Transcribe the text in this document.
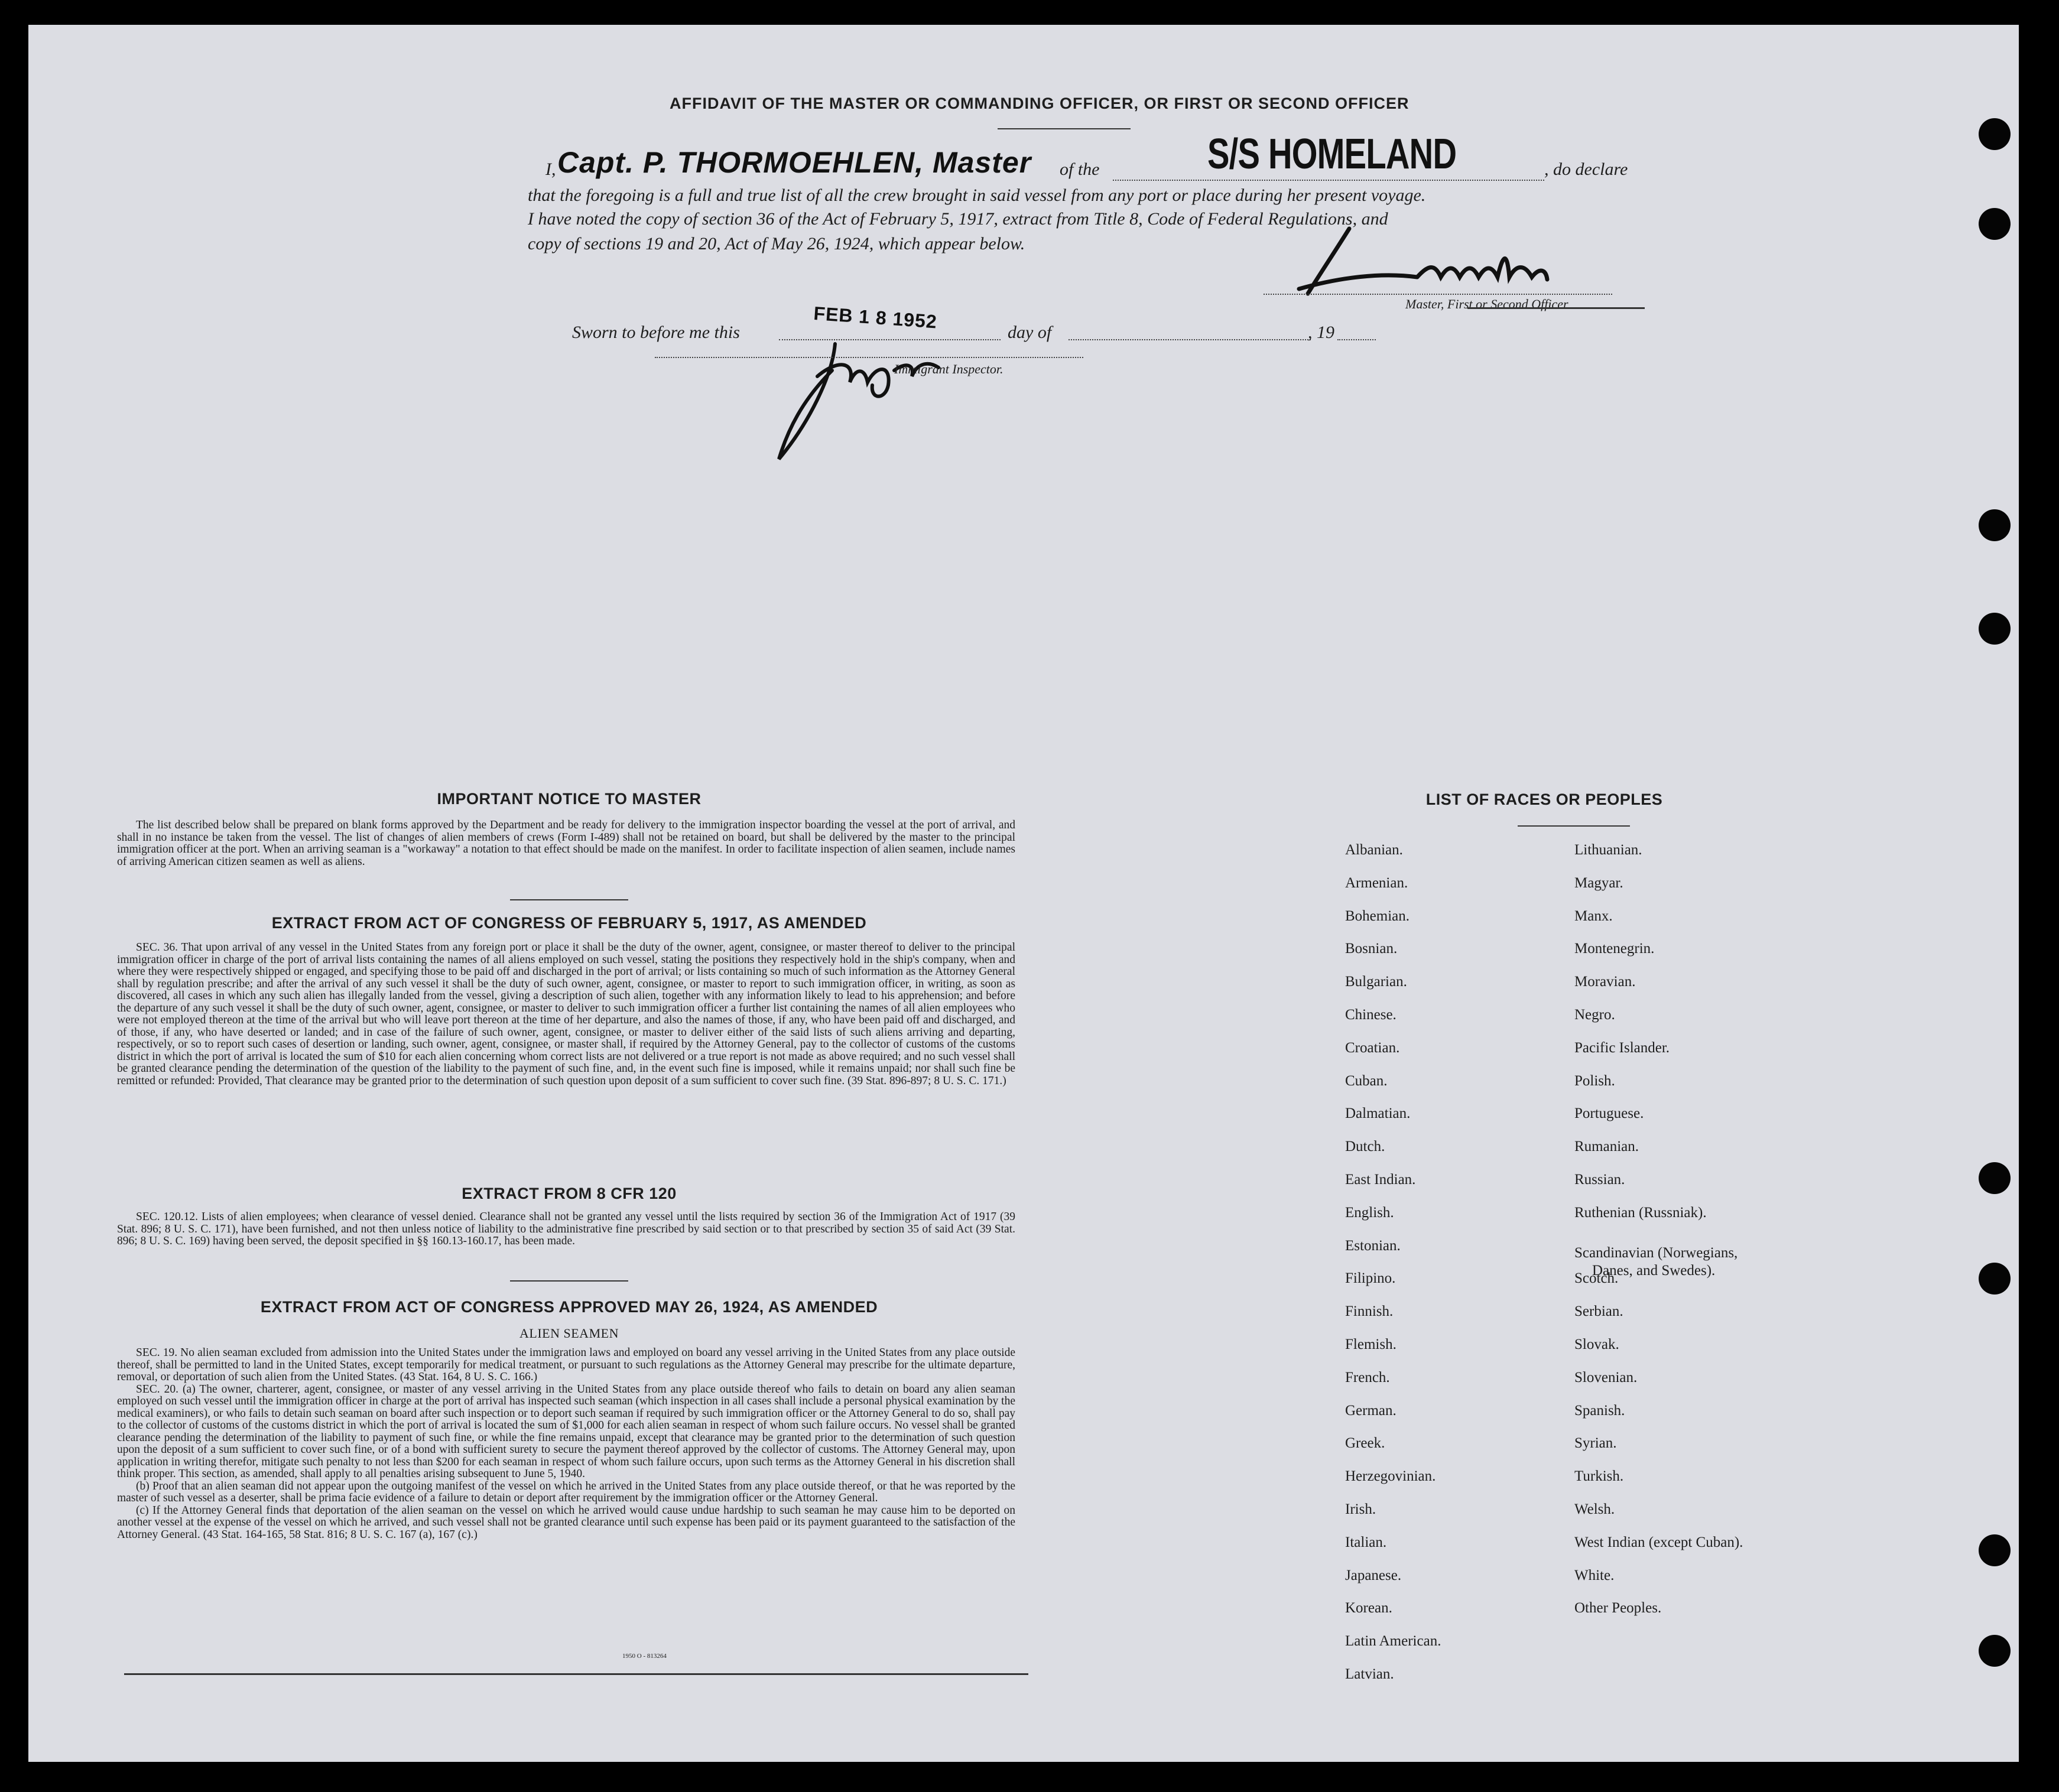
AFFIDAVIT OF THE MASTER OR COMMANDING OFFICER, OR FIRST OR SECOND OFFICER
I, Capt. P. THORMOEHLEN, Master of the	S/S HOMELAND	, do declare
that the foregoing is a full and true list of all the crew brought in said vessel from any port or place during her present voyage.
I have noted the copy of section 36 of the Act of February 5, 1917, extract from Title 8, Code of Federal Regulations, and
copy of sections 19 and 20, Act of May 26, 1924, which appear below.
Master, First or Second Officer
Sworn to before me this	FEB 1 8 1952	day of	, 19
Immigrant Inspector.
IMPORTANT NOTICE TO MASTER

The list described below shall be prepared on blank forms approved by the Department and be ready for delivery to the immigration inspector boarding the vessel at the port of arrival, and shall in no instance be taken from the vessel. The list of changes of alien members of crews (Form I-489) shall not be retained on board, but shall be delivered by the master to the principal immigration officer at the port. When an arriving seaman is a "workaway" a notation to that effect should be made on the manifest. In order to facilitate inspection of alien seamen, include names of arriving American citizen seamen as well as aliens.

EXTRACT FROM ACT OF CONGRESS OF FEBRUARY 5, 1917, AS AMENDED

SEC. 36. That upon arrival of any vessel in the United States from any foreign port or place it shall be the duty of the owner, agent, consignee, or master thereof to deliver to the principal immigration officer in charge of the port of arrival lists containing the names of all aliens employed on such vessel, stating the positions they respectively hold in the ship's company, when and where they were respectively shipped or engaged, and specifying those to be paid off and discharged in the port of arrival; or lists containing so much of such information as the Attorney General shall by regulation prescribe; and after the arrival of any such vessel it shall be the duty of such owner, agent, consignee, or master to report to such immigration officer, in writing, as soon as discovered, all cases in which any such alien has illegally landed from the vessel, giving a description of such alien, together with any information likely to lead to his apprehension; and before the departure of any such vessel it shall be the duty of such owner, agent, consignee, or master to deliver to such immigration officer a further list containing the names of all alien employees who were not employed thereon at the time of the arrival but who will leave port thereon at the time of her departure, and also the names of those, if any, who have been paid off and discharged, and of those, if any, who have deserted or landed; and in case of the failure of such owner, agent, consignee, or master to deliver either of the said lists of such aliens arriving and departing, respectively, or so to report such cases of desertion or landing, such owner, agent, consignee, or master shall, if required by the Attorney General, pay to the collector of customs of the customs district in which the port of arrival is located the sum of $10 for each alien concerning whom correct lists are not delivered or a true report is not made as above required; and no such vessel shall be granted clearance pending the determination of the question of the liability to the payment of such fine, and, in the event such fine is imposed, while it remains unpaid; nor shall such fine be remitted or refunded: Provided, That clearance may be granted prior to the determination of such question upon deposit of a sum sufficient to cover such fine. (39 Stat. 896-897; 8 U. S. C. 171.)

EXTRACT FROM 8 CFR 120

SEC. 120.12. Lists of alien employees; when clearance of vessel denied. Clearance shall not be granted any vessel until the lists required by section 36 of the Immigration Act of 1917 (39 Stat. 896; 8 U. S. C. 171), have been furnished, and not then unless notice of liability to the administrative fine prescribed by said section or to that prescribed by section 35 of said Act (39 Stat. 896; 8 U. S. C. 169) having been served, the deposit specified in §§ 160.13-160.17, has been made.

EXTRACT FROM ACT OF CONGRESS APPROVED MAY 26, 1924, AS AMENDED
ALIEN SEAMEN

SEC. 19. No alien seaman excluded from admission into the United States under the immigration laws and employed on board any vessel arriving in the United States from any place outside thereof, shall be permitted to land in the United States, except temporarily for medical treatment, or pursuant to such regulations as the Attorney General may prescribe for the ultimate departure, removal, or deportation of such alien from the United States. (43 Stat. 164, 8 U. S. C. 166.)

SEC. 20. (a) The owner, charterer, agent, consignee, or master of any vessel arriving in the United States from any place outside thereof who fails to detain on board any alien seaman employed on such vessel until the immigration officer in charge at the port of arrival has inspected such seaman (which inspection in all cases shall include a personal physical examination by the medical examiners), or who fails to detain such seaman on board after such inspection or to deport such seaman if required by such immigration officer or the Attorney General to do so, shall pay to the collector of customs of the customs district in which the port of arrival is located the sum of $1,000 for each alien seaman in respect of whom such failure occurs. No vessel shall be granted clearance pending the determination of the liability to payment of such fine, or while the fine remains unpaid, except that clearance may be granted prior to the determination of such question upon the deposit of a sum sufficient to cover such fine, or of a bond with sufficient surety to secure the payment thereof approved by the collector of customs. The Attorney General may, upon application in writing therefor, mitigate such penalty to not less than $200 for each seaman in respect of whom such failure occurs, upon such terms as the Attorney General in his discretion shall think proper. This section, as amended, shall apply to all penalties arising subsequent to June 5, 1940.

(b) Proof that an alien seaman did not appear upon the outgoing manifest of the vessel on which he arrived in the United States from any place outside thereof, or that he was reported by the master of such vessel as a deserter, shall be prima facie evidence of a failure to detain or deport after requirement by the immigration officer or the Attorney General.

(c) If the Attorney General finds that deportation of the alien seaman on the vessel on which he arrived would cause undue hardship to such seaman he may cause him to be deported on another vessel at the expense of the vessel on which he arrived, and such vessel shall not be granted clearance until such expense has been paid or its payment guaranteed to the satisfaction of the Attorney General. (43 Stat. 164-165, 58 Stat. 816; 8 U. S. C. 167 (a), 167 (c).)

1950 O - 813264
LIST OF RACES OR PEOPLES
Albanian.
Armenian.
Bohemian.
Bosnian.
Bulgarian.
Chinese.
Croatian.
Cuban.
Dalmatian.
Dutch.
East Indian.
English.
Estonian.
Filipino.
Finnish.
Flemish.
French.
German.
Greek.
Herzegovinian.
Irish.
Italian.
Japanese.
Korean.
Latin American.
Latvian.
Lithuanian.
Magyar.
Manx.
Montenegrin.
Moravian.
Negro.
Pacific Islander.
Polish.
Portuguese.
Rumanian.
Russian.
Ruthenian (Russniak).
Scandinavian (Norwegians,
Danes, and Swedes).
Scotch.
Serbian.
Slovak.
Slovenian.
Spanish.
Syrian.
Turkish.
Welsh.
West Indian (except Cuban).
White.
Other Peoples.
